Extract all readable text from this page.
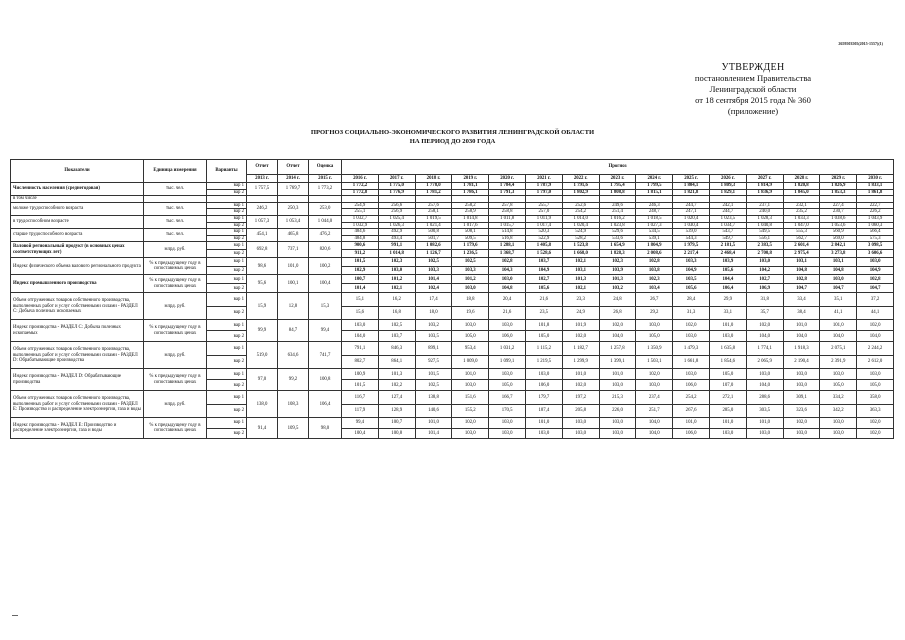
2659503505(2015-1557)(1)
УТВЕРЖДЕН
постановлением Правительства
Ленинградской области
от 18 сентября 2015 года № 360
(приложение)
ПРОГНОЗ СОЦИАЛЬНО-ЭКОНОМИЧЕСКОГО РАЗВИТИЯ ЛЕНИНГРАДСКОЙ ОБЛАСТИ
НА ПЕРИОД ДО 2030 ГОДА
Показатели	Единица измерения	Варианты	Отчет	Отчет	Оценка	Прогноз														
			2013 г.	2014 г.	2015 г.	2016 г.	2017 г.	2018 г.	2019 г.	2020 г.	2021 г.	2022 г.	2023 г.	2024 г.	2025 г.	2026 г.	2027 г.	2028 г.	2029 г.	2030 г.
Численность населения (среднегодовая)	тыс. чел.	вар 1	1 757,5	1 769,7	1 773,2	1 772,2	1 775,0	1 778,0	1 781,1	1 784,4	1 787,9	1 791,6	1 795,4	1 799,5	1 804,1	1 809,3	1 814,9	1 820,8	1 826,9	1 833,1
		вар 2				1 772,8	1 776,9	1 781,2	1 786,1	1 791,3	1 797,0	1 802,9	1 808,8	1 815,1	1 821,8	1 829,1	1 836,9	1 845,0	1 853,3	1 861,8
в том числе																				
моложе трудоспособного возраста	тыс. чел.	вар 1	246,2	250,3	253,0	254,9	256,6	257,6	258,2	257,8	255,7	252,6	249,6	246,3	244,7	242,1	237,1	232,1	227,4	222,7
		вар 2				255,1	256,9	258,1	258,9	258,8	257,0	254,2	251,4	248,7	247,1	244,7	240,0	235,2	230,7	226,2
в трудоспособном возрасте	тыс. чел.	вар 1	1 057,3	1 053,4	1 044,0	1 032,7	1 025,4	1 019,5	1 014,8	1 011,8	1 011,9	1 014,0	1 016,2	1 018,5	1 020,4	1 023,5	1 028,3	1 033,3	1 038,6	1 043,9
		вар 2				1 032,9	1 026,3	1 021,4	1 017,6	1 015,7	1 017,4	1 020,4	1 023,8	1 027,3	1 030,4	1 034,7	1 040,8	1 047,0	1 053,6	1 060,3
старше трудоспособного возраста	тыс. чел.	вар 1	454,1	465,8	476,2	484,6	492,9	500,8	508,1	514,8	520,3	524,9	529,6	534,5	539,0	543,7	549,5	555,3	560,9	566,4
		вар 2				484,8	493,4	501,7	509,5	516,8	522,9	528,2	533,6	539,1	544,3	549,7	556,1	562,7	569,0	575,3
Валовой региональный продукт (в основных ценах соответствующих лет)	млрд. руб.	вар 1	692,8	737,1	820,6	900,6	991,1	1 082,6	1 179,6	1 288,1	1 405,8	1 523,8	1 654,9	1 804,9	1 979,5	2 181,5	2 383,5	2 601,4	2 842,1	3 098,5
		вар 2				911,2	1 014,8	1 126,7	1 236,5	1 368,7	1 528,6	1 668,0	1 828,3	2 008,6	2 217,4	2 468,4	2 700,8	2 975,4	3 273,8	3 606,6
Индекс физического объема валового регионального продукта	% к предыдущему году в сопоставимых ценах	вар 1	98,6	101,0	100,2	101,5	102,3	102,5	102,5	102,8	103,7	102,1	102,3	102,8	103,3	103,9	103,0	103,1	103,1	103,0
		вар 2				102,9	103,0	103,3	103,3	104,3	104,9	103,1	103,9	103,8	104,9	105,6	104,2	104,8	104,8	104,9
Индекс промышленного производства	% к предыдущему году в сопоставимых ценах	вар 1	95,6	100,1	100,4	100,7	101,2	101,4	101,2	103,0	102,7	101,3	101,3	102,3	103,5	104,4	102,7	102,8	103,0	102,8
		вар 2				101,4	102,1	102,4	103,0	104,8	105,6	102,1	103,2	103,4	105,6	106,4	106,9	104,7	104,7	104,7
Объем отгруженных товаров собственного производства, выполненных работ и услуг собственными силами - РАЗДЕЛ С: Добыча полезных ископаемых	млрд. руб.	вар 1	15,9	12,8	15,3	15,1	16,2	17,4	18,8	20,4	21,6	23,3	24,8	26,7	28,4	29,9	31,8	33,4	35,1	37,2
		вар 2				15,6	16,8	18,0	19,6	21,6	23,5	24,9	26,8	29,2	31,3	33,1	35,7	38,4	41,1	44,1
Индекс производства - РАЗДЕЛ С: Добыча полезных ископаемых	% к предыдущему году в сопоставимых ценах	вар 1	99,9	84,7	99,4	103,0	102,5	103,2	103,0	103,0	101,8	101,9	102,0	103,0	102,0	101,0	102,0	101,0	101,0	102,0
		вар 2				104,0	103,7	103,5	105,0	106,0	105,0	102,0	104,0	105,0	103,0	103,0	104,0	104,0	104,0	104,0
Объем отгруженных товаров собственного производства, выполненных работ и услуг собственными силами - РАЗДЕЛ D: Обрабатывающие производства	млрд. руб.	вар 1	519,0	634,6	741,7	791,1	846,3	899,1	953,4	1 031,2	1 115,2	1 182,7	1 257,8	1 350,9	1 479,3	1 635,8	1 774,1	1 918,3	2 075,1	2 244,2
		вар 2				802,7	864,1	927,5	1 009,0	1 099,1	1 219,5	1 299,9	1 399,1	1 503,1	1 661,8	1 854,6	2 065,9	2 190,4	2 391,9	2 612,0
Индекс производства - РАЗДЕЛ D: Обрабатывающие производства	% к предыдущему году в сопоставимых ценах	вар 1	97,0	99,2	100,8	100,9	101,3	101,5	101,0	103,0	103,0	101,0	101,0	102,0	103,0	105,0	103,0	103,0	103,0	103,0
		вар 2				101,5	102,2	102,5	103,0	105,0	106,0	102,0	103,0	103,0	106,0	107,0	104,0	103,0	105,0	105,0
Объем отгруженных товаров собственного производства, выполненных работ и услуг собственными силами - РАЗДЕЛ Е: Производство и распределение электроэнергии, газа и воды	млрд. руб.	вар 1	138,0	108,3	106,4	116,7	127,4	138,8	151,6	166,7	179,7	197,2	215,3	237,4	254,2	272,1	288,6	309,1	334,2	358,0
		вар 2				117,9	128,9	140,6	155,2	170,5	187,4	205,8	226,0	251,7	267,6	285,0	303,5	323,6	342,2	363,3
Индекс производства - РАЗДЕЛ Е: Производство и распределение электроэнергии, газа и воды	% к предыдущему году в сопоставимых ценах	вар 1	91,4	109,5	98,0	99,4	100,7	101,0	102,0	103,0	101,0	103,0	103,0	104,0	101,0	101,0	101,0	102,0	103,0	102,0
		вар 2				100,4	100,8	101,4	103,0	103,0	103,0	103,0	103,0	104,0	106,0	103,0	103,0	103,0	103,0	102,0
